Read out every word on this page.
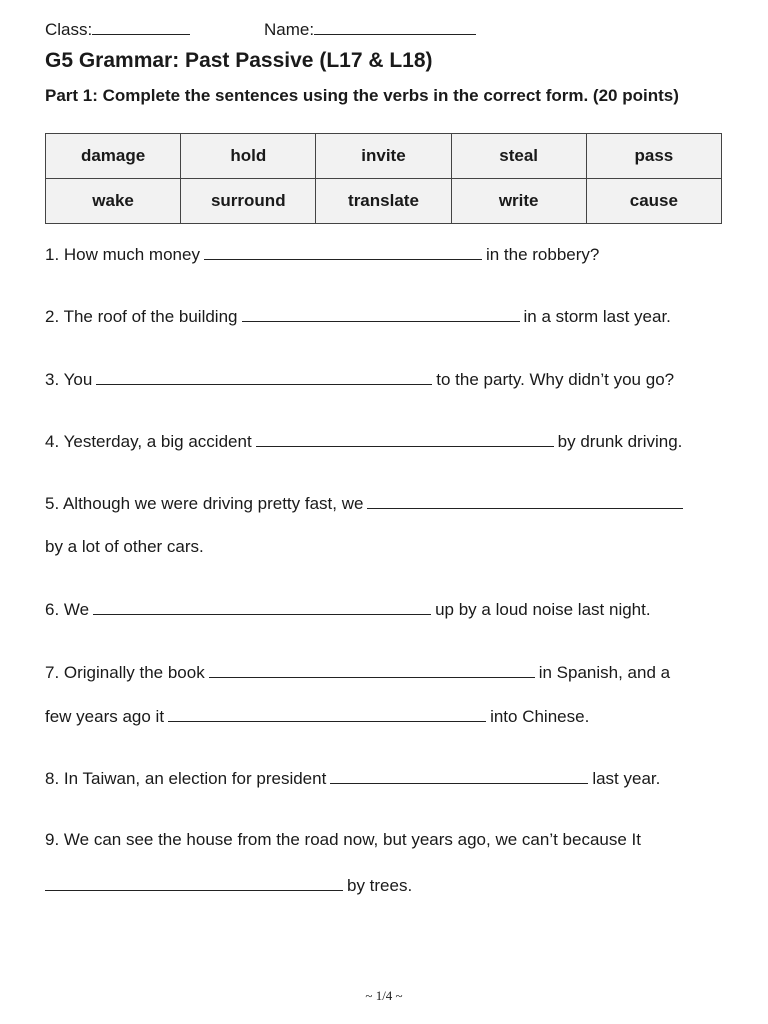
Class:	Name:
G5 Grammar: Past Passive (L17 & L18)
Part 1: Complete the sentences using the verbs in the correct form. (20 points)
damage	hold	invite	steal	pass
wake	surround	translate	write	cause
1. How much money	in the robbery?
2. The roof of the building	in a storm last year.
3. You	to the party. Why didn’t you go?
4. Yesterday, a big accident	by drunk driving.
5. Although we were driving pretty fast, we
by a lot of other cars.
6. We	up by a loud noise last night.
7. Originally the book	in Spanish, and a
few years ago it	into Chinese.
8. In Taiwan, an election for president	last year.
9. We can see the house from the road now, but years ago, we can’t because It
by trees.
~ 1/4 ~
